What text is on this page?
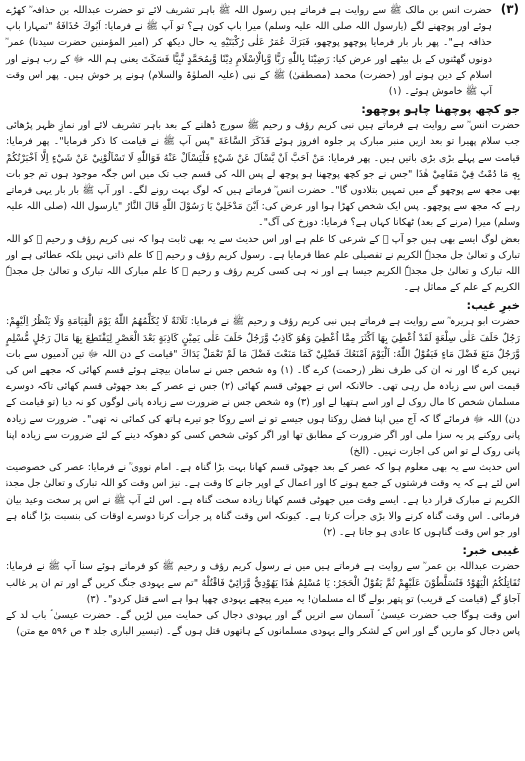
(۳)

حضرت انس بن مالک ﷺ سے روایت ہے فرماتے ہیں رسول اللہ ﷺ باہر تشریف لائے تو حضرت عبداللہ بن حذافہ ؓ کھڑے ہوئے اور پوچھنے لگے (یارسول اللہ صلی اللہ علیہ وسلم) میرا باپ کون ہے؟ تو آپ ﷺ نے فرمایا: اَبُوكَ حُذَافَةُ "تمہارا باپ حذافہ ہے"۔ پھر بار بار فرمایا پوچھو پوچھو، فَبَرَكَ عُمَرُ عَلٰى رُكْبَتَيْهِ یہ حال دیکھ کر (امیر المؤمنین حضرت سیدنا) عمر ؓ دونوں گھٹنوں کے بل بیٹھے اور عرض کیا: رَضِيْنَا بِاللّٰهِ رَبًّا وَّبِالْاِسْلَامِ دِيْنًا وَّبِمُحَمَّدٍ نَّبِيًّا فَسَكَتَ یعنی ہم اللہ ﷻ کے رب ہونے اور اسلام کے دین ہونے اور (حضرت) محمد (مصطفیٰ) ﷺ کے نبی (علیہ الصلوٰۃ والسلام) ہونے پر خوش ہیں۔ پھر اس وقت آپ ﷺ خاموش ہوئے۔ (۱)

جو کچھ پوچھنا چاہو پوچھو:

حضرت انس ؓ سے روایت ہے فرماتے ہیں نبی کریم رؤف و رحیم ﷺ سورج ڈھلنے کے بعد باہر تشریف لائے اور نمازِ ظہر پڑھائی جب سلام پھیرا تو بعد ازیں منبر مبارک پر جلوہ افروز ہوئے فَذَكَرَ السَّاعَةَ "پس آپ ﷺ نے قیامت کا ذکر فرمایا"۔ پھر فرمایا: قیامت سے پہلے بڑی بڑی باتیں ہیں۔ پھر فرمایا: مَنْ اَحَبَّ اَنْ يَّسْاَلَ عَنْ شَيْءٍ فَلْيَسْاَلْ عَنْهُ فَوَاللّٰهِ لَا تَسْاَلُوْنِيْ عَنْ شَيْءٍ اِلَّا اَخْبَرْتُكُمْ بِهٖ مَا دُمْتُ فِيْ مَقَامِيْ هٰذَا "جس نے جو کچھ پوچھنا ہو پوچھ لے پس اللہ کی قسم جب تک میں اس جگہ موجود ہوں تم جو بات بھی مجھ سے پوچھو گے میں تمہیں بتلادوں گا"۔ حضرت انس ؓ فرماتے ہیں کہ لوگ بہت رونے لگے۔ اور آپ ﷺ بار بار یہی فرماتے رہے کہ مجھ سے پوچھو۔ پس ایک شخص کھڑا ہوا اور عرض کی: اَيْنَ مَدْخَلِيْ يَا رَسُوْلَ اللّٰهِ قَالَ النَّارُ "یارسول اللہ (صلی اللہ علیہ وسلم) میرا (مرنے کے بعد) ٹھکانا کہاں ہے؟ فرمایا: دوزخ کی آگ"۔

بعض لوگ ایسے بھی ہیں جو آپ ﷺ کے شرعی کا علم ہے اور اس حدیث سے یہ بھی ثابت ہوا کہ نبی کریم رؤف و رحیم ﷺ کو اللہ تبارک و تعالیٰ جل مجدہٗ الکریم نے تفصیلی علم عطا فرمایا ہے۔ رسول کریم رؤف و رحیم ﷺ کا علم ذاتی نہیں بلکہ عطائی ہے اور اللہ تبارک و تعالیٰ جل مجدہٗ الکریم جیسا ہے اور نہ ہی کسی کریم رؤف و رحیم ﷺ کا علم مبارک اللہ تبارک و تعالیٰ جل مجدہٗ الکریم کے علم کے مماثل ہے۔

خبرِ غیب:

حضرت ابو ہریرہ ؓ سے روایت ہے فرماتے ہیں نبی کریم رؤف و رحیم ﷺ نے فرمایا: ثَلَاثَةٌ لَا يُكَلِّمُهُمُ اللّٰهُ يَوْمَ الْقِيَامَةِ وَلَا يَنْظُرُ اِلَيْهِمْ: رَجُلٌ حَلَفَ عَلٰى سِلْعَةٍ لَقَدْ اُعْطِيَ بِهَا اَكْثَرَ مِمَّا اُعْطِيَ وَهُوَ كَاذِبٌ وَّرَجُلٌ حَلَفَ عَلٰى يَمِيْنٍ كَاذِبَةٍ بَعْدَ الْعَصْرِ لِيَقْتَطِعَ بِهَا مَالَ رَجُلٍ مُّسْلِمٍ وَّرَجُلٌ مَنَعَ فَضْلَ مَاءٍ فَيَقُوْلُ اللّٰهُ: اَلْيَوْمَ اَمْنَعُكَ فَضْلِيْ كَمَا مَنَعْتَ فَضْلَ مَا لَمْ تَعْمَلْ يَدَاكَ "قیامت کے دن اللہ ﷻ تین آدمیوں سے بات نہیں کرے گا اور نہ ان کی طرف نظر (رحمت) کرے گا۔ (۱) وہ شخص جس نے سامان بیچتے ہوئے قسم کھائی کہ مجھے اس کی قیمت اس سے زیادہ مل رہی تھی۔ حالانکہ اس نے جھوٹی قسم کھائی (۲) جس نے عصر کے بعد جھوٹی قسم کھائی تاکہ دوسرے مسلمان شخص کا مال روک لے اور اسے ہتھیا لے اور (۳) وہ شخص جس نے ضرورت سے زیادہ پانی لوگوں کو نہ دیا (تو قیامت کے دن) اللہ ﷻ فرمائے گا کہ آج میں اپنا فضل روکتا ہوں جیسے تو نے اسے روکا جو تیرے ہاتھ کی کمائی نہ تھی"۔ ضرورت سے زیادہ پانی روکنے پر یہ سزا ملی اور اگر ضرورت کے مطابق تھا اور اگر کوئی شخص کسی کو دھوکہ دینے کے لئے ضرورت سے زیادہ اپنا پانی روک لے تو اس کی اجازت نہیں۔ (الخ)

اس حدیث سے یہ بھی معلوم ہوا کہ عصر کے بعد جھوٹی قسم کھانا بہت بڑا گناہ ہے۔ امام نووی ؒ نے فرمایا: عصر کی خصوصیت اس لئے ہے کہ یہ وقت فرشتوں کے جمع ہونے کا اور اعمال کے اوپر جانے کا وقت ہے۔ نیز اس وقت کو اللہ تبارک و تعالیٰ جل مجدہٗ الکریم نے مبارک قرار دیا ہے۔ ایسے وقت میں جھوٹی قسم کھانا زیادہ سخت گناہ ہے۔ اس لئے آپ ﷺ نے اس پر سخت وعید بیان فرمائی۔ اس وقت گناہ کرنے والا بڑی جرأت کرتا ہے۔ کیونکہ اس وقت گناہ پر جرأت کرنا دوسرے اوقات کی بنسبت بڑا گناہ ہے اور جو اس وقت گناہوں کا عادی ہو جاتا ہے۔ (۲)

غیبی خبر:

حضرت عبداللہ بن عمر ؓ سے روایت ہے فرماتے ہیں میں نے رسول کریم رؤف و رحیم ﷺ کو فرماتے ہوئے سنا آپ ﷺ نے فرمایا: تُقَاتِلُكُمُ الْيَهُوْدُ فَتُسَلَّطُوْنَ عَلَيْهِمْ ثُمَّ يَقُوْلُ الْحَجَرُ: يَا مُسْلِمُ هٰذَا يَهُوْدِيٌّ وَّرَائِيْ فَاقْتُلْهُ "تم سے یہودی جنگ کریں گے اور تم ان پر غالب آجاؤ گے (قیامت کے قریب) تو پتھر بولے گا اے مسلمان! یہ میرے پیچھے یہودی چھپا ہوا ہے اسے قتل کردو"۔ (۳)

اس وقت ہوگا جب حضرت عیسیٰ ؑ آسمان سے اتریں گے اور یہودی دجال کی حمایت میں لڑیں گے۔ حضرت عیسیٰ ؑ باب لد کے پاس دجال کو ماریں گے اور اس کے لشکر والے یہودی مسلمانوں کے ہاتھوں قتل ہوں گے۔ (تیسیر الباری جلد ۴ ص ۵۹۶ مع متن)
